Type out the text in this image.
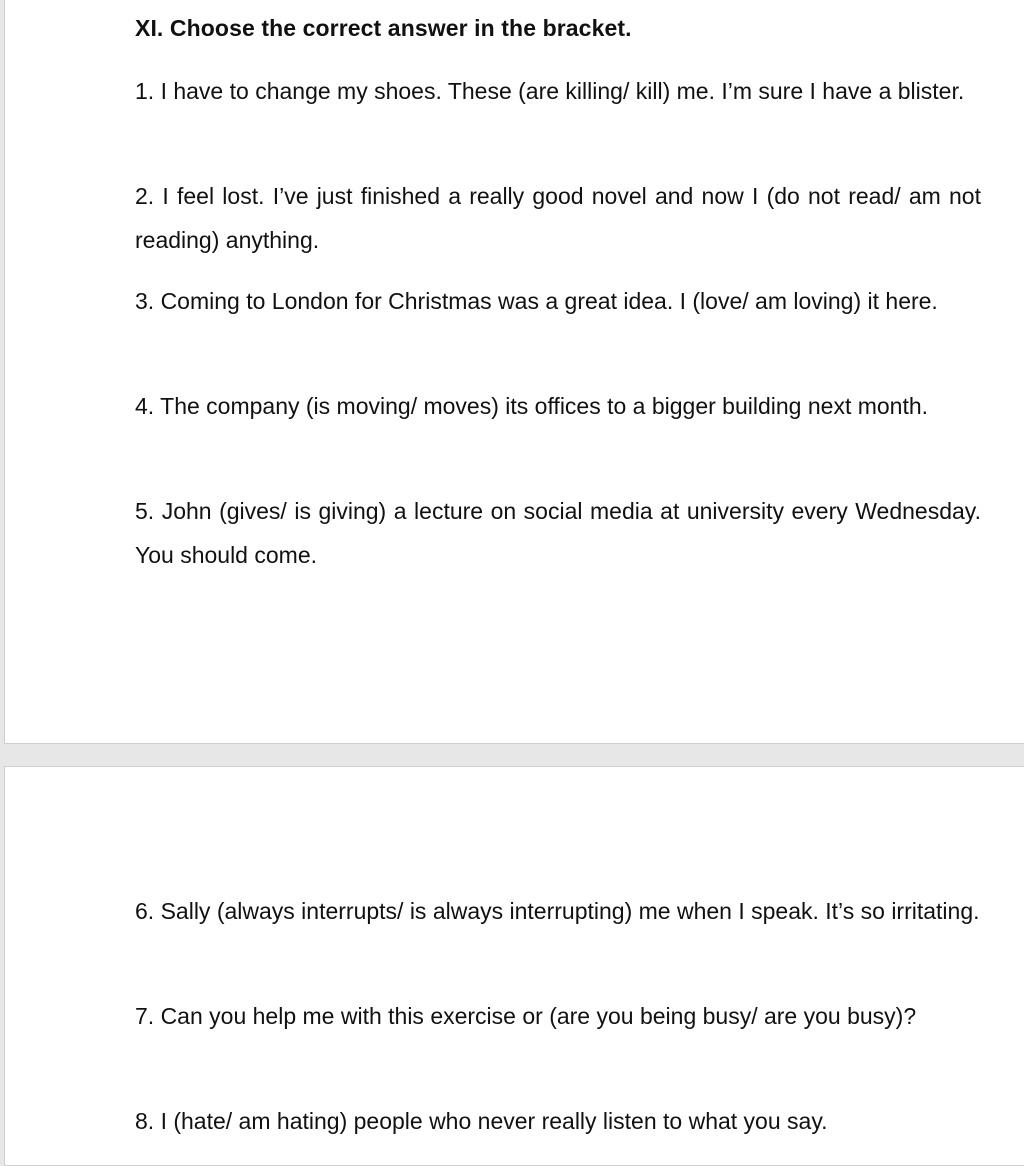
XI. Choose the correct answer in the bracket.

1. I have to change my shoes. These (are killing/ kill) me. I’m sure I have a blister.

2. I feel lost. I’ve just finished a really good novel and now I (do not read/ am not reading) anything.

3. Coming to London for Christmas was a great idea. I (love/ am loving) it here.

4. The company (is moving/ moves) its offices to a bigger building next month.

5. John (gives/ is giving) a lecture on social media at university every Wednesday. You should come.

6. Sally (always interrupts/ is always interrupting) me when I speak. It’s so irritating.

7. Can you help me with this exercise or (are you being busy/ are you busy)?

8. I (hate/ am hating) people who never really listen to what you say.
